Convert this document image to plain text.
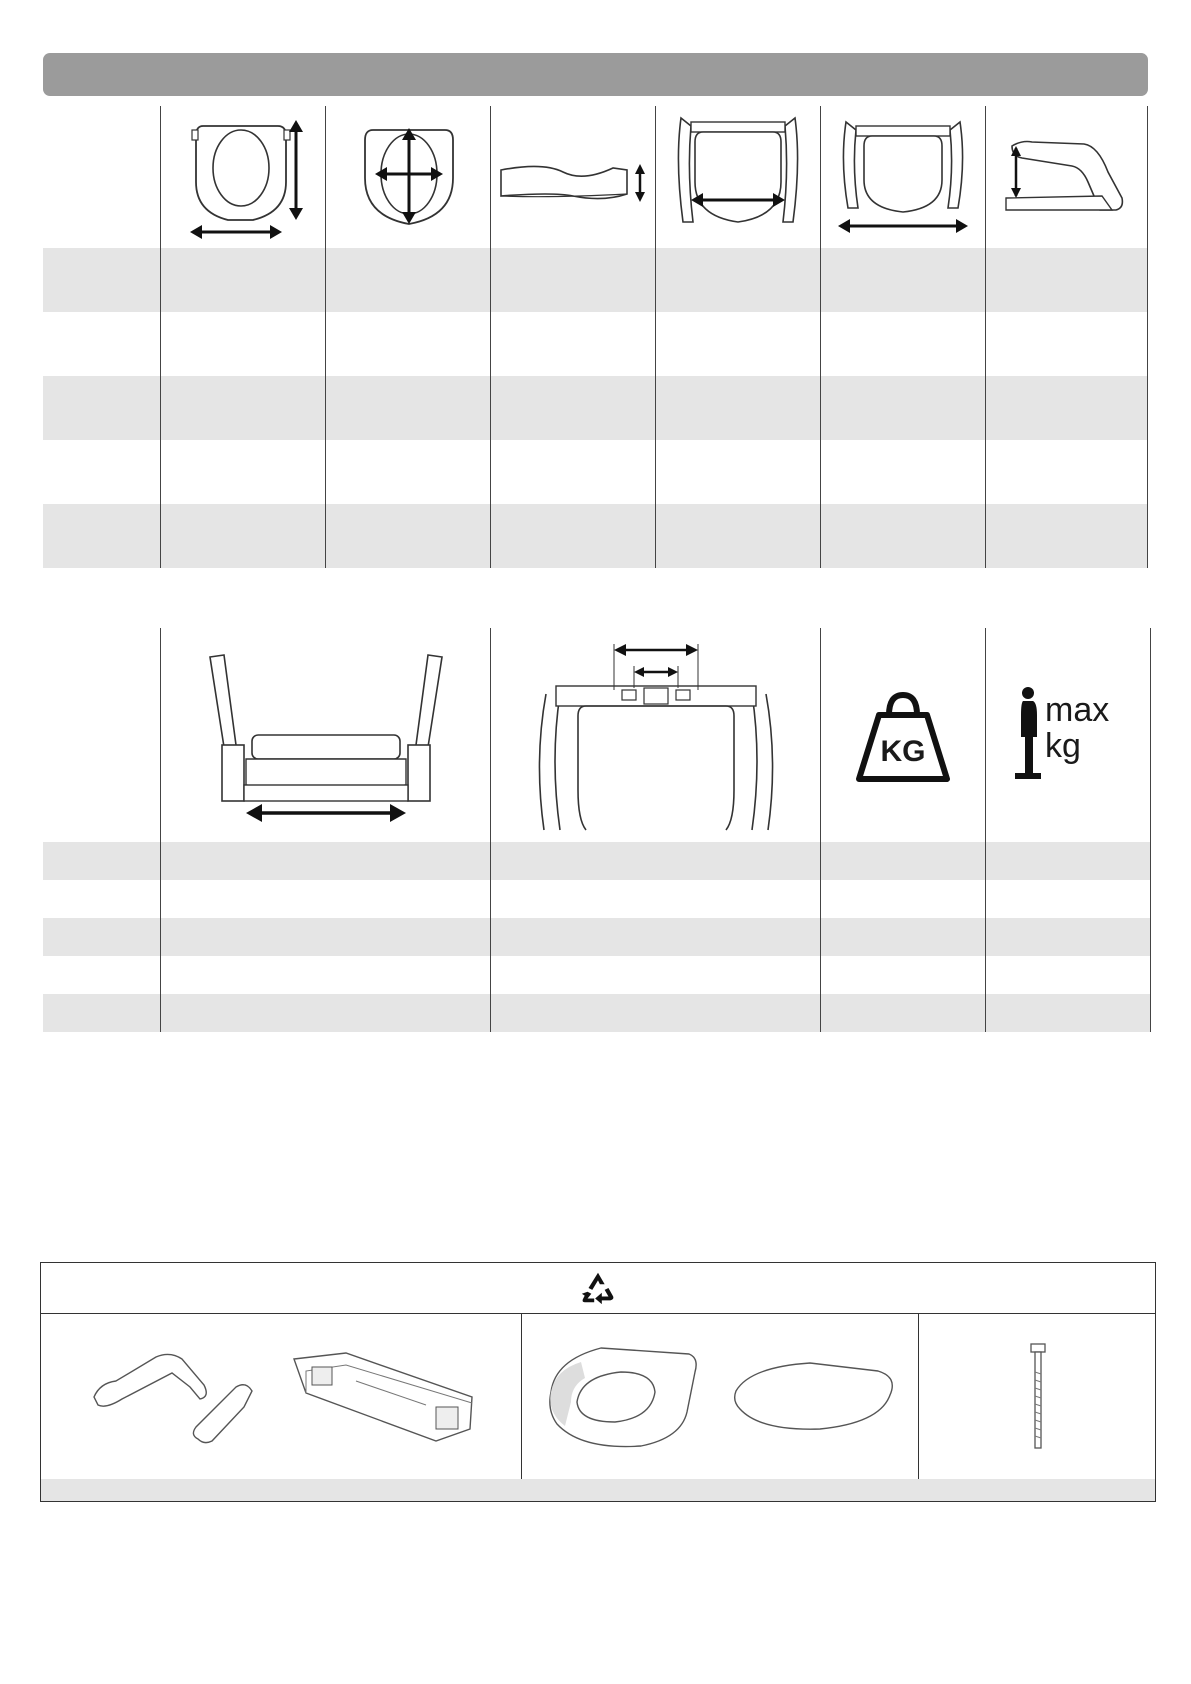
KG
max
kg
